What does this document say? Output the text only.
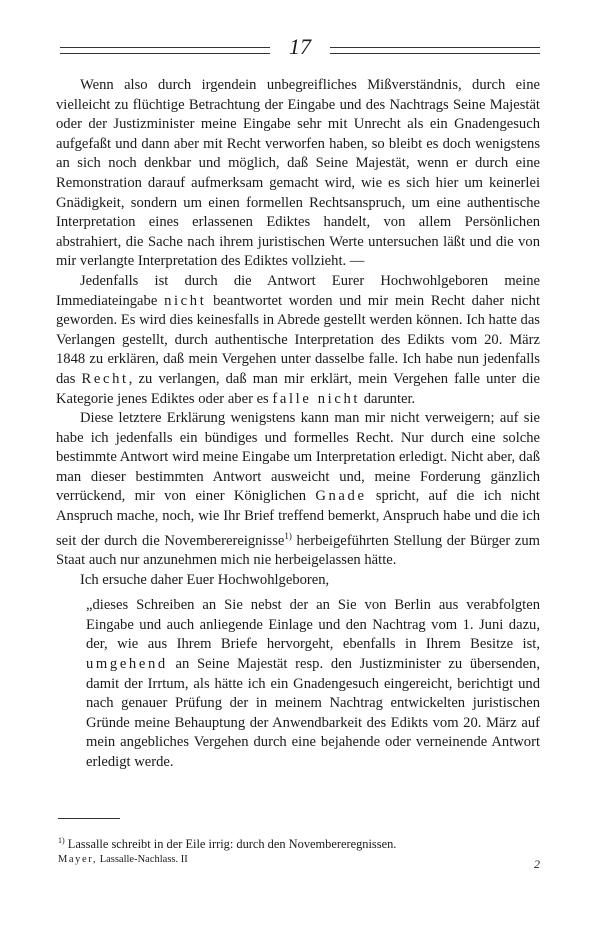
17

Wenn also durch irgendein unbegreifliches Mißverständnis, durch eine vielleicht zu flüchtige Betrachtung der Eingabe und des Nachtrags Seine Majestät oder der Justizminister meine Eingabe sehr mit Unrecht als ein Gnadengesuch aufgefaßt und dann aber mit Recht verworfen haben, so bleibt es doch wenigstens an sich noch denkbar und möglich, daß Seine Majestät, wenn er durch eine Remonstration darauf aufmerksam gemacht wird, wie es sich hier um keinerlei Gnädigkeit, sondern um einen formellen Rechtsanspruch, um eine authentische Interpretation eines erlassenen Ediktes handelt, von allem Persönlichen abstrahiert, die Sache nach ihrem juristischen Werte untersuchen läßt und die von mir verlangte Interpretation des Ediktes vollzieht. —

Jedenfalls ist durch die Antwort Eurer Hochwohlgeboren meine Immediateingabe nicht beantwortet worden und mir mein Recht daher nicht geworden. Es wird dies keinesfalls in Abrede gestellt werden können. Ich hatte das Verlangen gestellt, durch authentische Interpretation des Edikts vom 20. März 1848 zu erklären, daß mein Vergehen unter dasselbe falle. Ich habe nun jedenfalls das Recht, zu verlangen, daß man mir erklärt, mein Vergehen falle unter die Kategorie jenes Ediktes oder aber es falle nicht darunter.

Diese letztere Erklärung wenigstens kann man mir nicht verweigern; auf sie habe ich jedenfalls ein bündiges und formelles Recht. Nur durch eine solche bestimmte Antwort wird meine Eingabe um Interpretation erledigt. Nicht aber, daß man dieser bestimmten Antwort ausweicht und, meine Forderung gänzlich verrückend, mir von einer Königlichen Gnade spricht, auf die ich nicht Anspruch mache, noch, wie Ihr Brief treffend bemerkt, Anspruch habe und die ich seit der durch die Novemberereignisse$^{1)}$ herbeigeführten Stellung der Bürger zum Staat auch nur anzunehmen mich nie herbeigelassen hätte.

Ich ersuche daher Euer Hochwohlgeboren,

„dieses Schreiben an Sie nebst der an Sie von Berlin aus verabfolgten Eingabe und auch anliegende Einlage und den Nachtrag vom 1. Juni dazu, der, wie aus Ihrem Briefe hervorgeht, ebenfalls in Ihrem Besitze ist, umgehend an Seine Majestät resp. den Justizminister zu übersenden, damit der Irrtum, als hätte ich ein Gnadengesuch eingereicht, berichtigt und nach genauer Prüfung der in meinem Nachtrag entwickelten juristischen Gründe meine Behauptung der Anwendbarkeit des Edikts vom 20. März auf mein angebliches Vergehen durch eine bejahende oder verneinende Antwort erledigt werde.

$^{1)}$ Lassalle schreibt in der Eile irrig: durch den Novembereregnissen.
Mayer, Lassalle-Nachlass. II	2
